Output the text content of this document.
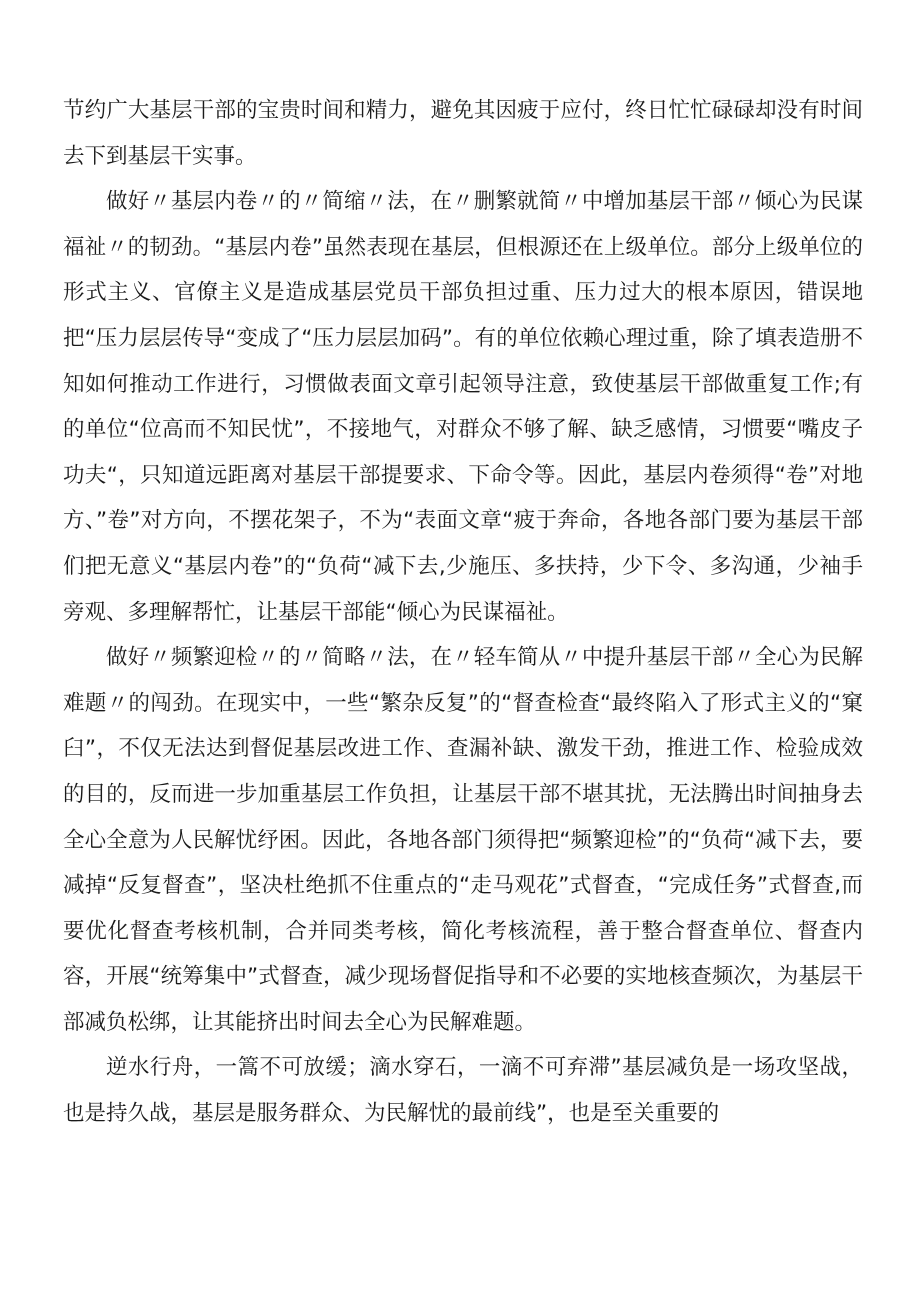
节约广大基层干部的宝贵时间和精力，避免其因疲于应付，终日忙忙碌碌却没有时间去下到基层干实事。

做好〃基层内卷〃的〃简缩〃法，在〃删繁就简〃中增加基层干部〃倾心为民谋福祉〃的韧劲。“基层内卷”虽然表现在基层，但根源还在上级单位。部分上级单位的形式主义、官僚主义是造成基层党员干部负担过重、压力过大的根本原因，错误地把“压力层层传导“变成了“压力层层加码”。有的单位依赖心理过重，除了填表造册不知如何推动工作进行，习惯做表面文章引起领导注意，致使基层干部做重复工作;有的单位“位高而不知民忧”，不接地气，对群众不够了解、缺乏感情，习惯要“嘴皮子功夫“，只知道远距离对基层干部提要求、下命令等。因此，基层内卷须得“卷”对地方、”卷”对方向，不摆花架子，不为“表面文章“疲于奔命，各地各部门要为基层干部们把无意义“基层内卷”的“负荷“减下去,少施压、多扶持，少下令、多沟通，少袖手旁观、多理解帮忙，让基层干部能“倾心为民谋福祉。

做好〃频繁迎检〃的〃简略〃法，在〃轻车简从〃中提升基层干部〃全心为民解难题〃的闯劲。在现实中，一些“繁杂反复”的“督查检查“最终陷入了形式主义的“窠臼”，不仅无法达到督促基层改进工作、查漏补缺、激发干劲，推进工作、检验成效的目的，反而进一步加重基层工作负担，让基层干部不堪其扰，无法腾出时间抽身去全心全意为人民解忧纾困。因此，各地各部门须得把“频繁迎检”的“负荷“减下去，要减掉“反复督查”，坚决杜绝抓不住重点的“走马观花”式督查，“完成任务”式督查,而要优化督查考核机制，合并同类考核，简化考核流程，善于整合督查单位、督查内容，开展“统筹集中”式督查，减少现场督促指导和不必要的实地核查频次，为基层干部减负松绑，让其能挤出时间去全心为民解难题。

逆水行舟，一篙不可放缓；滴水穿石，一滴不可弃滞”基层减负是一场攻坚战，也是持久战，基层是服务群众、为民解忧的最前线”，也是至关重要的
